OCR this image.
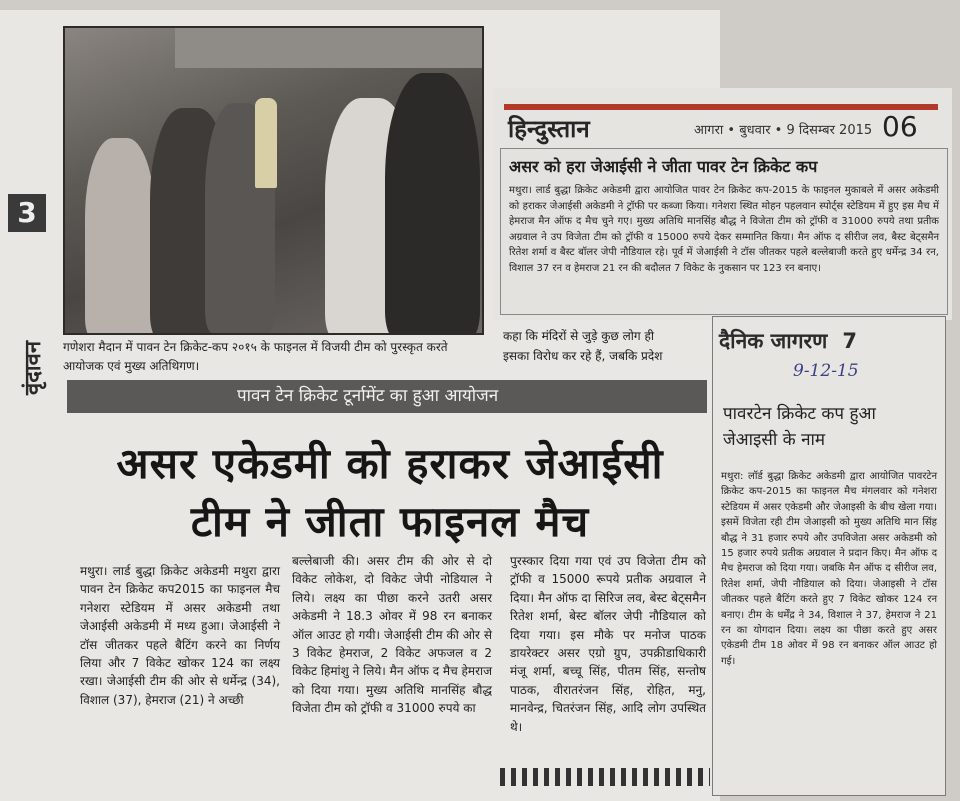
3
वृंदावन गणेशरा मैदान में पावन टेन क्रिकेट-कप २०१५ के फाइनल में विजयी टीम को पुरस्कृत करते आयोजक एवं मुख्य अतिथिगण।
कहा कि मंदिरों से जुड़े कुछ लोग ही
इसका विरोध कर रहे हैं, जबकि प्रदेश
पावन टेन क्रिकेट टूर्नामेंट का हुआ आयोजन
असर एकेडमी को हराकर जेआईसी
टीम ने जीता फाइनल मैच
मथुरा। लार्ड बुद्धा क्रिकेट अकेडमी मथुरा द्वारा पावन टेन क्रिकेट कप2015 का फाइनल मैच गनेशरा स्टेडियम में असर अकेडमी तथा जेआईसी अकेडमी में मध्य हुआ। जेआईसी ने टॉस जीतकर पहले बैटिंग करने का निर्णय लिया और 7 विकेट खोकर 124 का लक्ष्य रखा। जेआईसी टीम की ओर से धर्मेन्द्र (34), विशाल (37), हेमराज (21) ने अच्छी
बल्लेबाजी की। असर टीम की ओर से दो विकेट लोकेश, दो विकेट जेपी नोडियाल ने लिये। लक्ष्य का पीछा करने उतरी असर अकेडमी ने 18.3 ओवर में 98 रन बनाकर ऑल आउट हो गयी। जेआईसी टीम की ओर से 3 विकेट हेमराज, 2 विकेट अफजल व 2 विकेट हिमांशु ने लिये। मैन ऑफ द मैच हेमराज को दिया गया। मुख्य अतिथि मानसिंह बौद्ध विजेता टीम को ट्रॉफी व 31000 रुपये का
पुरस्कार दिया गया एवं उप विजेता टीम को ट्रॉफी व 15000 रूपये प्रतीक अग्रवाल ने दिया। मैन ऑफ दा सिरिज लव, बेस्ट बेट्समैन रितेश शर्मा, बेस्ट बॉलर जेपी नौडियाल को दिया गया। इस मौके पर मनोज पाठक डायरेक्टर असर एग्रो ग्रुप, उपक्रीडाधिकारी मंजू शर्मा, बच्चू सिंह, पीतम सिंह, सन्तोष पाठक, वीरातरंजन सिंह, रोहित, मनु, मानवेन्द्र, चितरंजन सिंह, आदि लोग उपस्थित थे।
हिन्दुस्तान	आगरा • बुधवार • 9 दिसम्बर 2015 06
असर को हरा जेआईसी ने जीता पावर टेन क्रिकेट कप
मथुरा। लार्ड बुद्धा क्रिकेट अकेडमी द्वारा आयोजित पावर टेन क्रिकेट कप-2015 के फाइनल मुकाबले में असर अकेडमी को हराकर जेआईसी अकेडमी ने ट्रॉफी पर कब्जा किया। गनेशरा स्थित मोहन पहलवान स्पोर्ट्स स्टेडियम में हुए इस मैच में हेमराज मैन ऑफ द मैच चुने गए। मुख्य अतिथि मानसिंह बौद्ध ने विजेता टीम को ट्रॉफी व 31000 रुपये तथा प्रतीक अग्रवाल ने उप विजेता टीम को ट्रॉफी व 15000 रुपये देकर सम्मानित किया। मैन ऑफ द सीरीज लव, बैस्ट बेट्समैन रितेश शर्मा व बैस्ट बॉलर जेपी नौडियाल रहे। पूर्व में जेआईसी ने टॉस जीतकर पहले बल्लेबाजी करते हुए धर्मेन्द्र 34 रन, विशाल 37 रन व हेमराज 21 रन की बदौलत 7 विकेट के नुकसान पर 123 रन बनाए।
दैनिक जागरण 7
9-12-15
पावरटेन क्रिकेट कप हुआ जेआइसी के नाम
मथुरा: लॉर्ड बुद्धा क्रिकेट अकेडमी द्वारा आयोजित पावरटेन क्रिकेट कप-2015 का फाइनल मैच मंगलवार को गनेशरा स्टेडियम में असर एकेडमी और जेआइसी के बीच खेला गया। इसमें विजेता रही टीम जेआइसी को मुख्य अतिथि मान सिंह बौद्ध ने 31 हजार रुपये और उपविजेता असर अकेडमी को 15 हजार रुपये प्रतीक अग्रवाल ने प्रदान किए। मैन ऑफ द मैच हेमराज को दिया गया। जबकि मैन ऑफ द सीरीज लव, रितेश शर्मा, जेपी नौडियाल को दिया। जेआइसी ने टॉस जीतकर पहले बैटिंग करते हुए 7 विकेट खोकर 124 रन बनाए। टीम के धर्मेंद्र ने 34, विशाल ने 37, हेमराज ने 21 रन का योगदान दिया। लक्ष्य का पीछा करते हुए असर एकेडमी टीम 18 ओवर में 98 रन बनाकर ऑल आउट हो गई।
